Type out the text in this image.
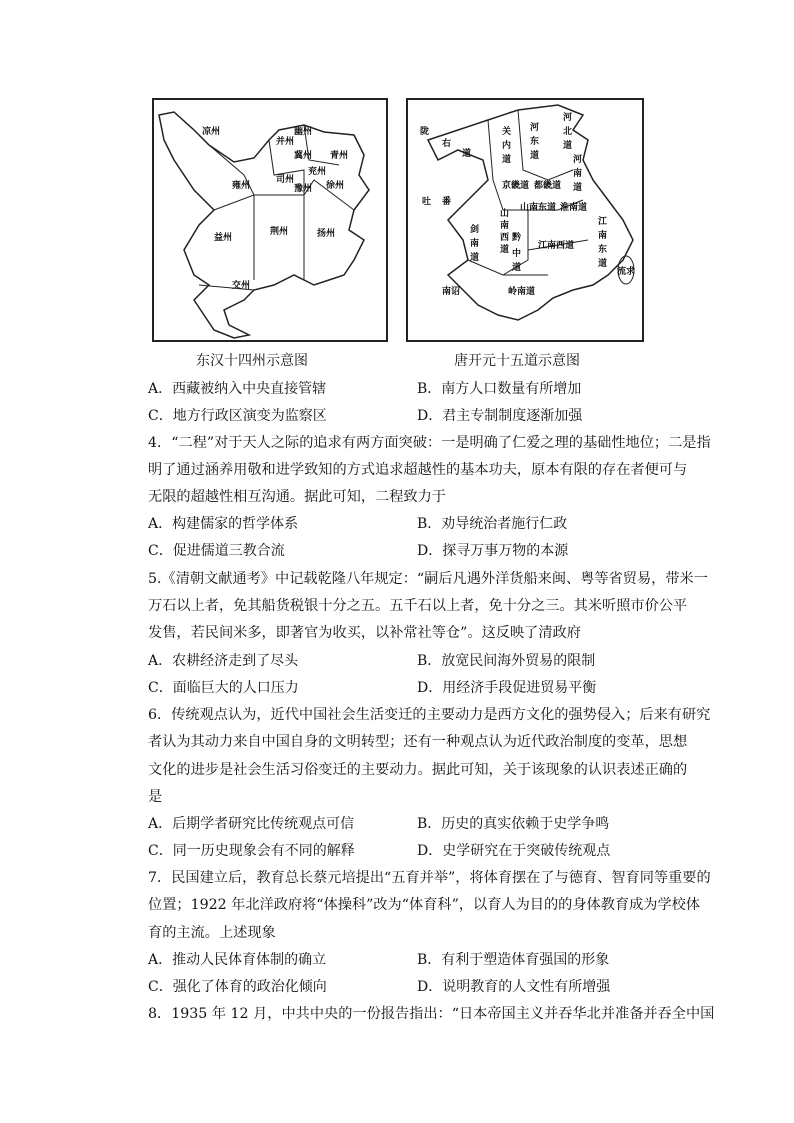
凉州	幽州
并州
冀州 青州
雍州
司州
兖州
豫州 徐州
益州
荆州	扬州
交州
陇
右
道
吐 番
关
内
道
河
东
道
河
北
道
河
南
道
京畿道 都畿道
山南东道
山
南
西
道
淮南道
剑
南
道
黔
中
道
江南西道
江
南
东
道
南诏	岭南道
流求
东汉十四州示意图	唐开元十五道示意图
A．西藏被纳入中央直接管辖	B．南方人口数量有所增加
C．地方行政区演变为监察区	D．君主专制制度逐渐加强
4．“二程”对于天人之际的追求有两方面突破：一是明确了仁爱之理的基础性地位；二是指
明了通过涵养用敬和进学致知的方式追求超越性的基本功夫，原本有限的存在者便可与
无限的超越性相互沟通。据此可知，二程致力于
A．构建儒家的哲学体系	B．劝导统治者施行仁政
C．促进儒道三教合流	D．探寻万事万物的本源
5.《清朝文献通考》中记载乾隆八年规定：“嗣后凡遇外洋货船来闽、粤等省贸易，带米一
万石以上者，免其船货税银十分之五。五千石以上者，免十分之三。其米听照市价公平
发售，若民间米多，即著官为收买，以补常社等仓”。这反映了清政府
A．农耕经济走到了尽头	B．放宽民间海外贸易的限制
C．面临巨大的人口压力	D．用经济手段促进贸易平衡
6．传统观点认为，近代中国社会生活变迁的主要动力是西方文化的强势侵入；后来有研究
者认为其动力来自中国自身的文明转型；还有一种观点认为近代政治制度的变革，思想
文化的进步是社会生活习俗变迁的主要动力。据此可知，关于该现象的认识表述正确的
是
A．后期学者研究比传统观点可信	B．历史的真实依赖于史学争鸣
C．同一历史现象会有不同的解释	D．史学研究在于突破传统观点
7．民国建立后，教育总长蔡元培提出“五育并举”，将体育摆在了与德育、智育同等重要的
位置；1922 年北洋政府将“体操科”改为“体育科”，以育人为目的的身体教育成为学校体
育的主流。上述现象
A．推动人民体育体制的确立	B．有利于塑造体育强国的形象
C．强化了体育的政治化倾向	D．说明教育的人文性有所增强
8．1935 年 12 月，中共中央的一份报告指出：“日本帝国主义并吞华北并准备并吞全中国
